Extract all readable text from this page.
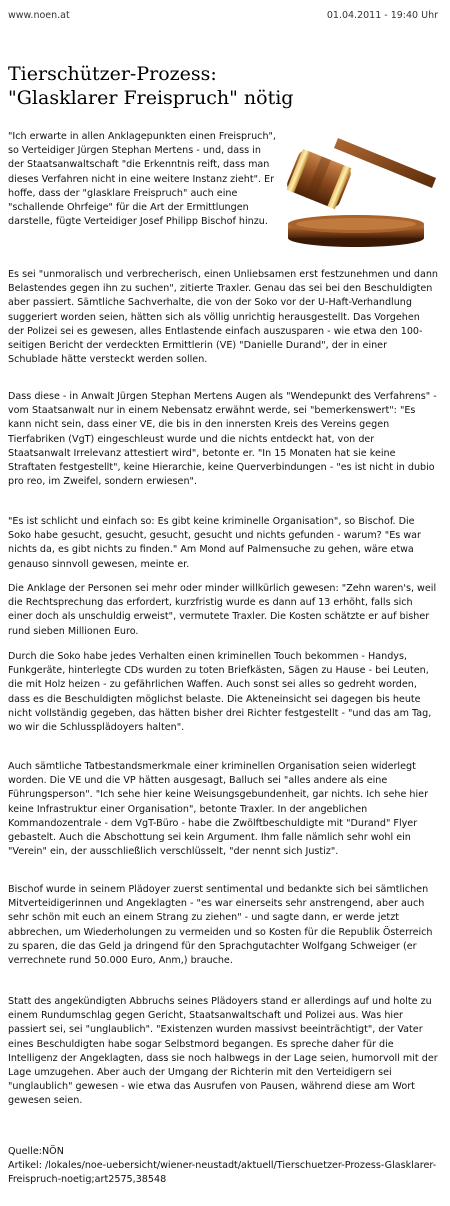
www.noen.at	01.04.2011 - 19:40 Uhr
Tierschützer-Prozess: "Glasklarer Freispruch" nötig

"Ich erwarte in allen Anklagepunkten einen Freispruch", so Verteidiger Jürgen Stephan Mertens - und, dass in der Staatsanwaltschaft "die Erkenntnis reift, dass man dieses Verfahren nicht in eine weitere Instanz zieht". Er hoffe, dass der "glasklare Freispruch" auch eine "schallende Ohrfeige" für die Art der Ermittlungen darstelle, fügte Verteidiger Josef Philipp Bischof hinzu.

Es sei "unmoralisch und verbrecherisch, einen Unliebsamen erst festzunehmen und dann Belastendes gegen ihn zu suchen", zitierte Traxler. Genau das sei bei den Beschuldigten aber passiert. Sämtliche Sachverhalte, die von der Soko vor der U-Haft-Verhandlung suggeriert worden seien, hätten sich als völlig unrichtig herausgestellt. Das Vorgehen der Polizei sei es gewesen, alles Entlastende einfach auszusparen - wie etwa den 100-seitigen Bericht der verdeckten Ermittlerin (VE) "Danielle Durand", der in einer Schublade hätte versteckt werden sollen.

Dass diese - in Anwalt Jürgen Stephan Mertens Augen als "Wendepunkt des Verfahrens" - vom Staatsanwalt nur in einem Nebensatz erwähnt werde, sei "bemerkenswert": "Es kann nicht sein, dass einer VE, die bis in den innersten Kreis des Vereins gegen Tierfabriken (VgT) eingeschleust wurde und die nichts entdeckt hat, von der Staatsanwalt Irrelevanz attestiert wird", betonte er. "In 15 Monaten hat sie keine Straftaten festgestellt", keine Hierarchie, keine Querverbindungen - "es ist nicht in dubio pro reo, im Zweifel, sondern erwiesen".

"Es ist schlicht und einfach so: Es gibt keine kriminelle Organisation", so Bischof. Die Soko habe gesucht, gesucht, gesucht, gesucht und nichts gefunden - warum? "Es war nichts da, es gibt nichts zu finden." Am Mond auf Palmensuche zu gehen, wäre etwa genauso sinnvoll gewesen, meinte er.

Die Anklage der Personen sei mehr oder minder willkürlich gewesen: "Zehn waren's, weil die Rechtsprechung das erfordert, kurzfristig wurde es dann auf 13 erhöht, falls sich einer doch als unschuldig erweist", vermutete Traxler. Die Kosten schätzte er auf bisher rund sieben Millionen Euro.

Durch die Soko habe jedes Verhalten einen kriminellen Touch bekommen - Handys, Funkgeräte, hinterlegte CDs wurden zu toten Briefkästen, Sägen zu Hause - bei Leuten, die mit Holz heizen - zu gefährlichen Waffen. Auch sonst sei alles so gedreht worden, dass es die Beschuldigten möglichst belaste. Die Akteneinsicht sei dagegen bis heute nicht vollständig gegeben, das hätten bisher drei Richter festgestellt - "und das am Tag, wo wir die Schlussplädoyers halten".

Auch sämtliche Tatbestandsmerkmale einer kriminellen Organisation seien widerlegt worden. Die VE und die VP hätten ausgesagt, Balluch sei "alles andere als eine Führungsperson". "Ich sehe hier keine Weisungsgebundenheit, gar nichts. Ich sehe hier keine Infrastruktur einer Organisation", betonte Traxler. In der angeblichen Kommandozentrale - dem VgT-Büro - habe die Zwölftbeschuldigte mit "Durand" Flyer gebastelt. Auch die Abschottung sei kein Argument. Ihm falle nämlich sehr wohl ein "Verein" ein, der ausschließlich verschlüsselt, "der nennt sich Justiz".

Bischof wurde in seinem Plädoyer zuerst sentimental und bedankte sich bei sämtlichen Mitverteidigerinnen und Angeklagten - "es war einerseits sehr anstrengend, aber auch sehr schön mit euch an einem Strang zu ziehen" - und sagte dann, er werde jetzt abbrechen, um Wiederholungen zu vermeiden und so Kosten für die Republik Österreich zu sparen, die das Geld ja dringend für den Sprachgutachter Wolfgang Schweiger (er verrechnete rund 50.000 Euro, Anm,) brauche.

Statt des angekündigten Abbruchs seines Plädoyers stand er allerdings auf und holte zu einem Rundumschlag gegen Gericht, Staatsanwaltschaft und Polizei aus. Was hier passiert sei, sei "unglaublich". "Existenzen wurden massivst beeinträchtigt", der Vater eines Beschuldigten habe sogar Selbstmord begangen. Es spreche daher für die Intelligenz der Angeklagten, dass sie noch halbwegs in der Lage seien, humorvoll mit der Lage umzugehen. Aber auch der Umgang der Richterin mit den Verteidigern sei "unglaublich" gewesen - wie etwa das Ausrufen von Pausen, während diese am Wort gewesen seien.

Quelle:NÖN
Artikel: /lokales/noe-uebersicht/wiener-neustadt/aktuell/Tierschuetzer-Prozess-Glasklarer-Freispruch-noetig;art2575,38548
